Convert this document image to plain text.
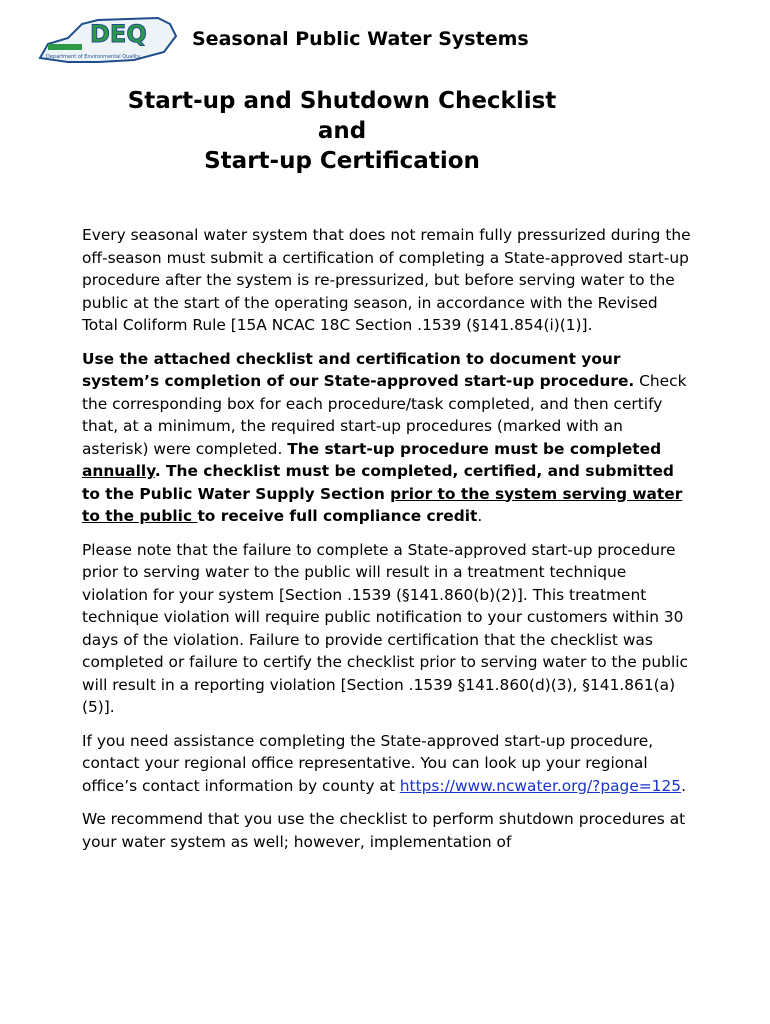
DEQ
Department of Environmental Quality
Seasonal Public Water Systems
Start-up and Shutdown Checklist
and
Start-up Certification

Every seasonal water system that does not remain fully pressurized during the off-season must submit a certification of completing a State-approved start-up procedure after the system is re-pressurized, but before serving water to the public at the start of the operating season, in accordance with the Revised Total Coliform Rule [15A NCAC 18C Section .1539 (§141.854(i)(1)].

Use the attached checklist and certification to document your system’s completion of our State-approved start-up procedure. Check the corresponding box for each procedure/task completed, and then certify that, at a minimum, the required start-up procedures (marked with an asterisk) were completed. The start-up procedure must be completed annually. The checklist must be completed, certified, and submitted to the Public Water Supply Section prior to the system serving water to the public to receive full compliance credit.

Please note that the failure to complete a State-approved start-up procedure prior to serving water to the public will result in a treatment technique violation for your system [Section .1539 (§141.860(b)(2)]. This treatment technique violation will require public notification to your customers within 30 days of the violation. Failure to provide certification that the checklist was completed or failure to certify the checklist prior to serving water to the public will result in a reporting violation [Section .1539 §141.860(d)(3), §141.861(a)(5)].

If you need assistance completing the State-approved start-up procedure, contact your regional office representative. You can look up your regional office’s contact information by county at https://www.ncwater.org/?page=125.

We recommend that you use the checklist to perform shutdown procedures at your water system as well; however, implementation of
